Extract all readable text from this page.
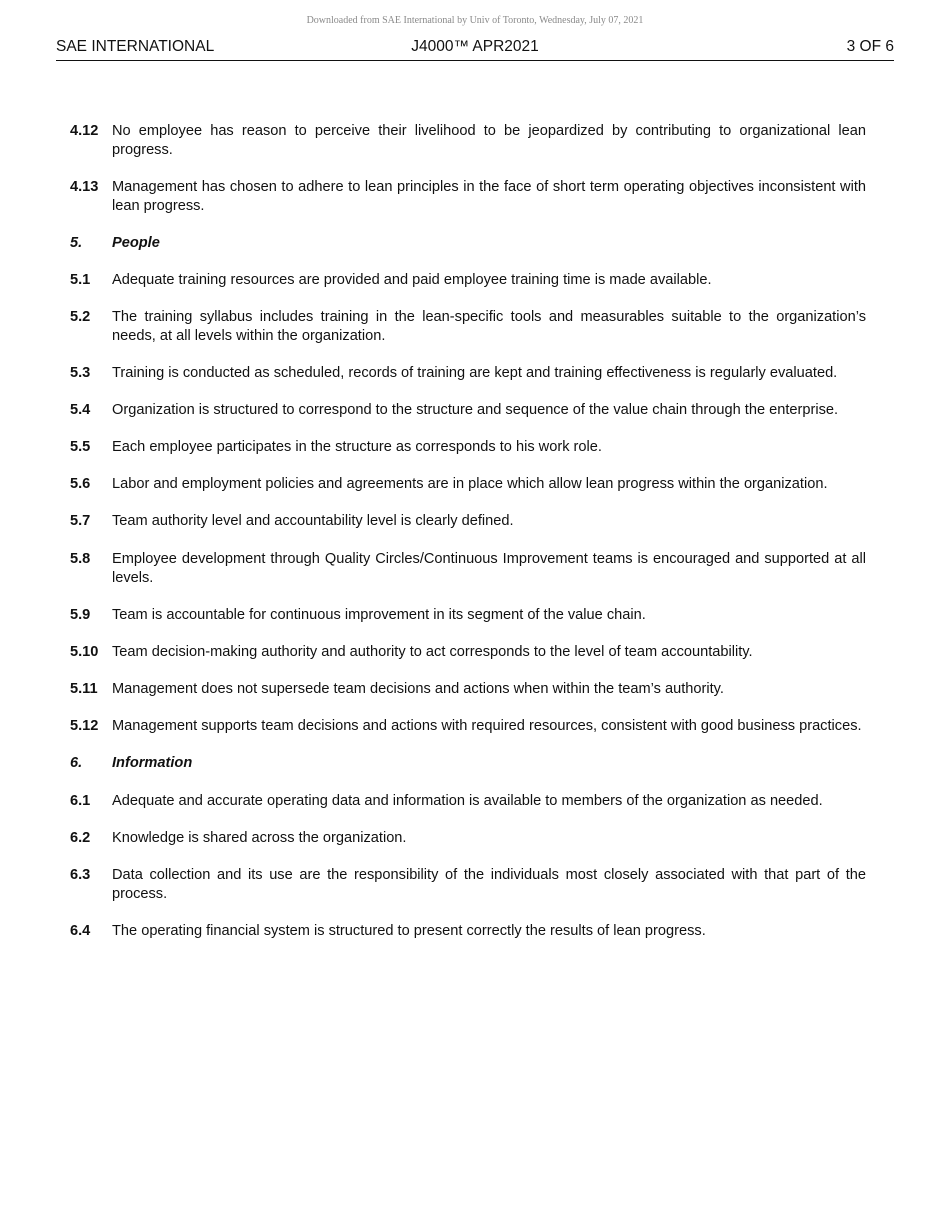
Downloaded from SAE International by Univ of Toronto, Wednesday, July 07, 2021
SAE INTERNATIONAL	J4000™ APR2021	3 OF 6
4.12 No employee has reason to perceive their livelihood to be jeopardized by contributing to organizational lean progress.
4.13 Management has chosen to adhere to lean principles in the face of short term operating objectives inconsistent with lean progress.
5. People
5.1 Adequate training resources are provided and paid employee training time is made available.
5.2 The training syllabus includes training in the lean-specific tools and measurables suitable to the organization’s needs, at all levels within the organization.
5.3 Training is conducted as scheduled, records of training are kept and training effectiveness is regularly evaluated.
5.4 Organization is structured to correspond to the structure and sequence of the value chain through the enterprise.
5.5 Each employee participates in the structure as corresponds to his work role.
5.6 Labor and employment policies and agreements are in place which allow lean progress within the organization.
5.7 Team authority level and accountability level is clearly defined.
5.8 Employee development through Quality Circles/Continuous Improvement teams is encouraged and supported at all levels.
5.9 Team is accountable for continuous improvement in its segment of the value chain.
5.10 Team decision-making authority and authority to act corresponds to the level of team accountability.
5.11 Management does not supersede team decisions and actions when within the team’s authority.
5.12 Management supports team decisions and actions with required resources, consistent with good business practices.
6. Information
6.1 Adequate and accurate operating data and information is available to members of the organization as needed.
6.2 Knowledge is shared across the organization.
6.3 Data collection and its use are the responsibility of the individuals most closely associated with that part of the process.
6.4 The operating financial system is structured to present correctly the results of lean progress.
